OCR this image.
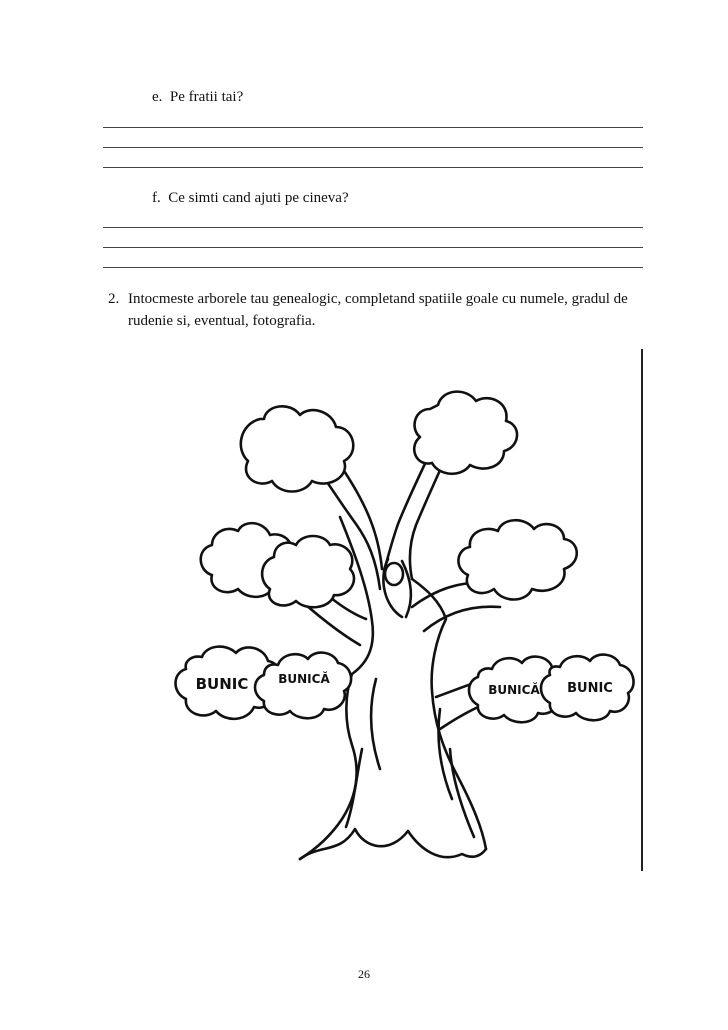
e. Pe fratii tai?
f. Ce simti cand ajuti pe cineva?
2. Intocmeste arborele tau genealogic, completand spatiile goale cu numele, gradul de rudenie si, eventual, fotografia.
BUNIC BUNICĂ
BUNICĂ BUNIC
26
